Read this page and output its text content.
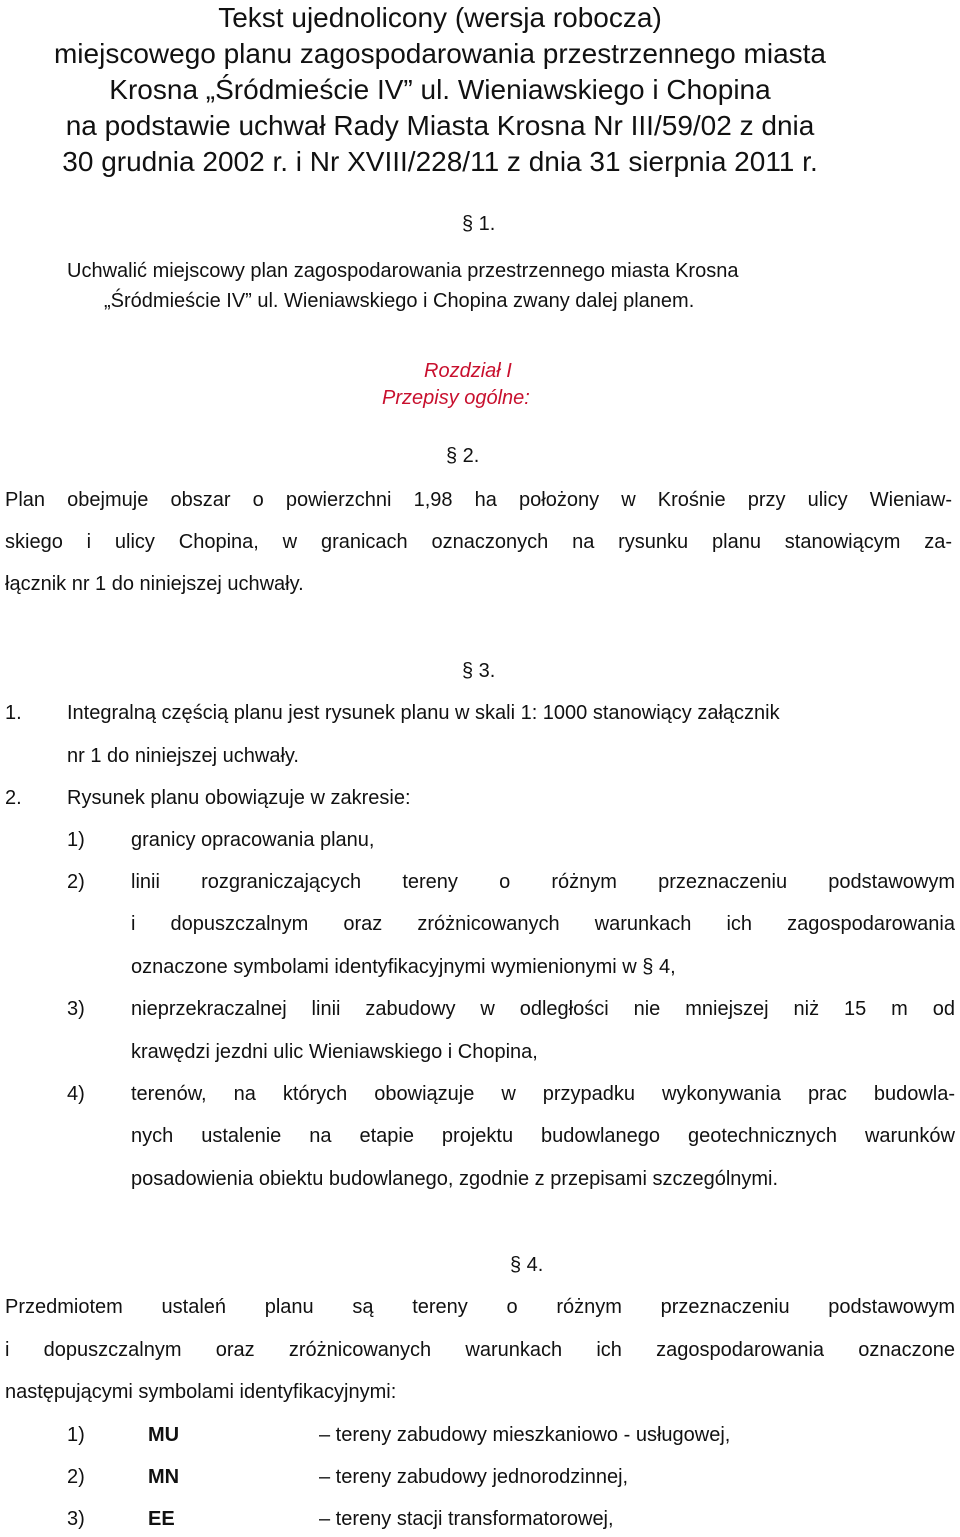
Tekst ujednolicony (wersja robocza)
miejscowego planu zagospodarowania przestrzennego miasta
Krosna „Śródmieście IV” ul. Wieniawskiego i Chopina
na podstawie uchwał Rady Miasta Krosna Nr III/59/02 z dnia
30 grudnia 2002 r. i Nr XVIII/228/11 z dnia 31 sierpnia 2011 r.
§ 1.
Uchwalić miejscowy plan zagospodarowania przestrzennego miasta Krosna
„Śródmieście IV” ul. Wieniawskiego i Chopina zwany dalej planem.
Rozdział I
Przepisy ogólne:
§ 2.
Plan obejmuje obszar o powierzchni 1,98 ha położony w Krośnie przy ulicy Wieniaw-
skiego i ulicy Chopina, w granicach oznaczonych na rysunku planu stanowiącym za-
łącznik nr 1 do niniejszej uchwały.
§ 3.
1. Integralną częścią planu jest rysunek planu w skali 1: 1000 stanowiący załącznik
nr 1 do niniejszej uchwały.
2. Rysunek planu obowiązuje w zakresie:
1) granicy opracowania planu,
2) linii rozgraniczających tereny o różnym przeznaczeniu podstawowym
i dopuszczalnym oraz zróżnicowanych warunkach ich zagospodarowania
oznaczone symbolami identyfikacyjnymi wymienionymi w § 4,
3) nieprzekraczalnej linii zabudowy w odległości nie mniejszej niż 15 m od
krawędzi jezdni ulic Wieniawskiego i Chopina,
4) terenów, na których obowiązuje w przypadku wykonywania prac budowla-
nych ustalenie na etapie projektu budowlanego geotechnicznych warunków
posadowienia obiektu budowlanego, zgodnie z przepisami szczególnymi.
§ 4.
Przedmiotem ustaleń planu są tereny o różnym przeznaczeniu podstawowym
i dopuszczalnym oraz zróżnicowanych warunkach ich zagospodarowania oznaczone
następującymi symbolami identyfikacyjnymi:
1)	MU	– tereny zabudowy mieszkaniowo - usługowej,
2)	MN	– tereny zabudowy jednorodzinnej,
3)	EE	– tereny stacji transformatorowej,
